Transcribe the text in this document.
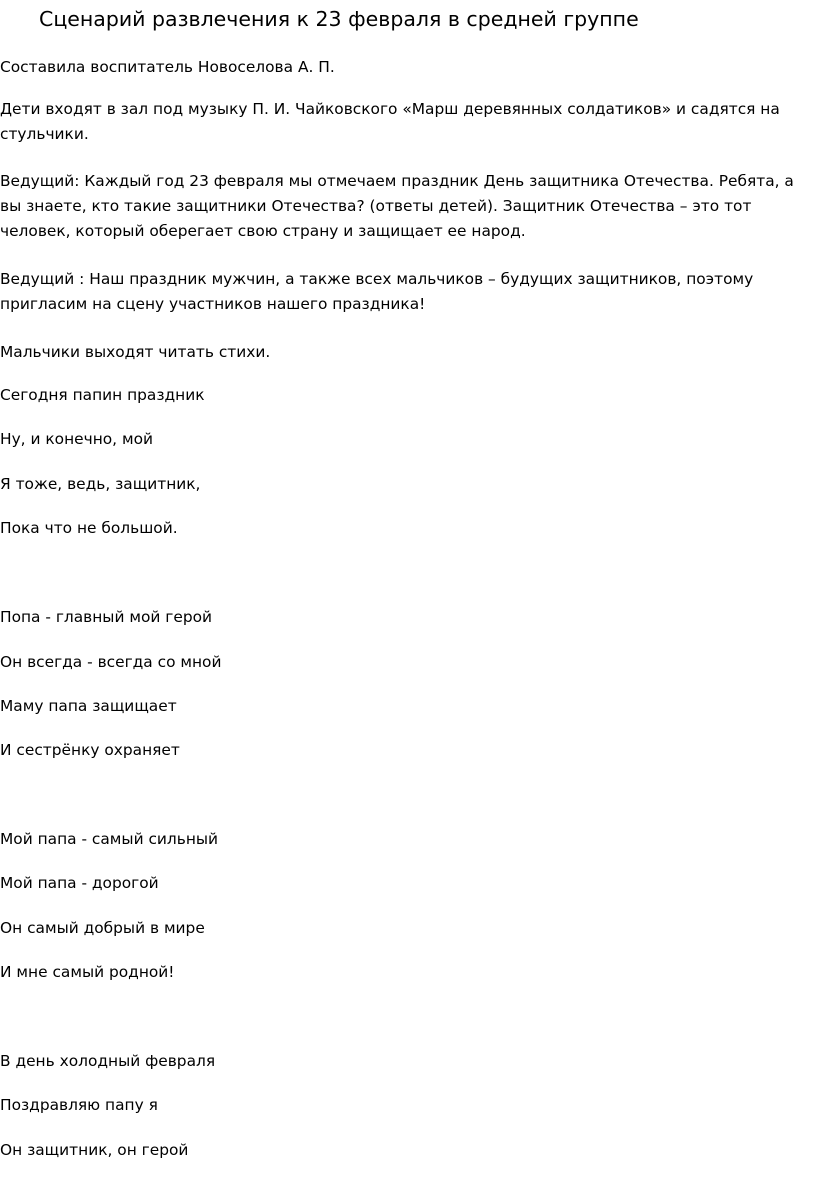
Сценарий развлечения к 23 февраля в средней группе

Составила воспитатель Новоселова А. П.

Дети входят в зал под музыку П. И. Чайковского «Марш деревянных солдатиков» и садятся на стульчики.

Ведущий: Каждый год 23 февраля мы отмечаем праздник День защитника Отечества. Ребята, а вы знаете, кто такие защитники Отечества? (ответы детей). Защитник Отечества – это тот человек, который оберегает свою страну и защищает ее народ.

Ведущий : Наш праздник мужчин, а также всех мальчиков – будущих защитников, поэтому пригласим на сцену участников нашего праздника!

Мальчики выходят читать стихи.

Сегодня папин праздник

Ну, и конечно, мой

Я тоже, ведь, защитник,

Пока что не большой.

Попа - главный мой герой

Он всегда - всегда со мной

Маму папа защищает

И сестрёнку охраняет

Мой папа - самый сильный

Мой папа - дорогой

Он самый добрый в мире

И мне самый родной!

В день холодный февраля

Поздравляю папу я

Он защитник, он герой
